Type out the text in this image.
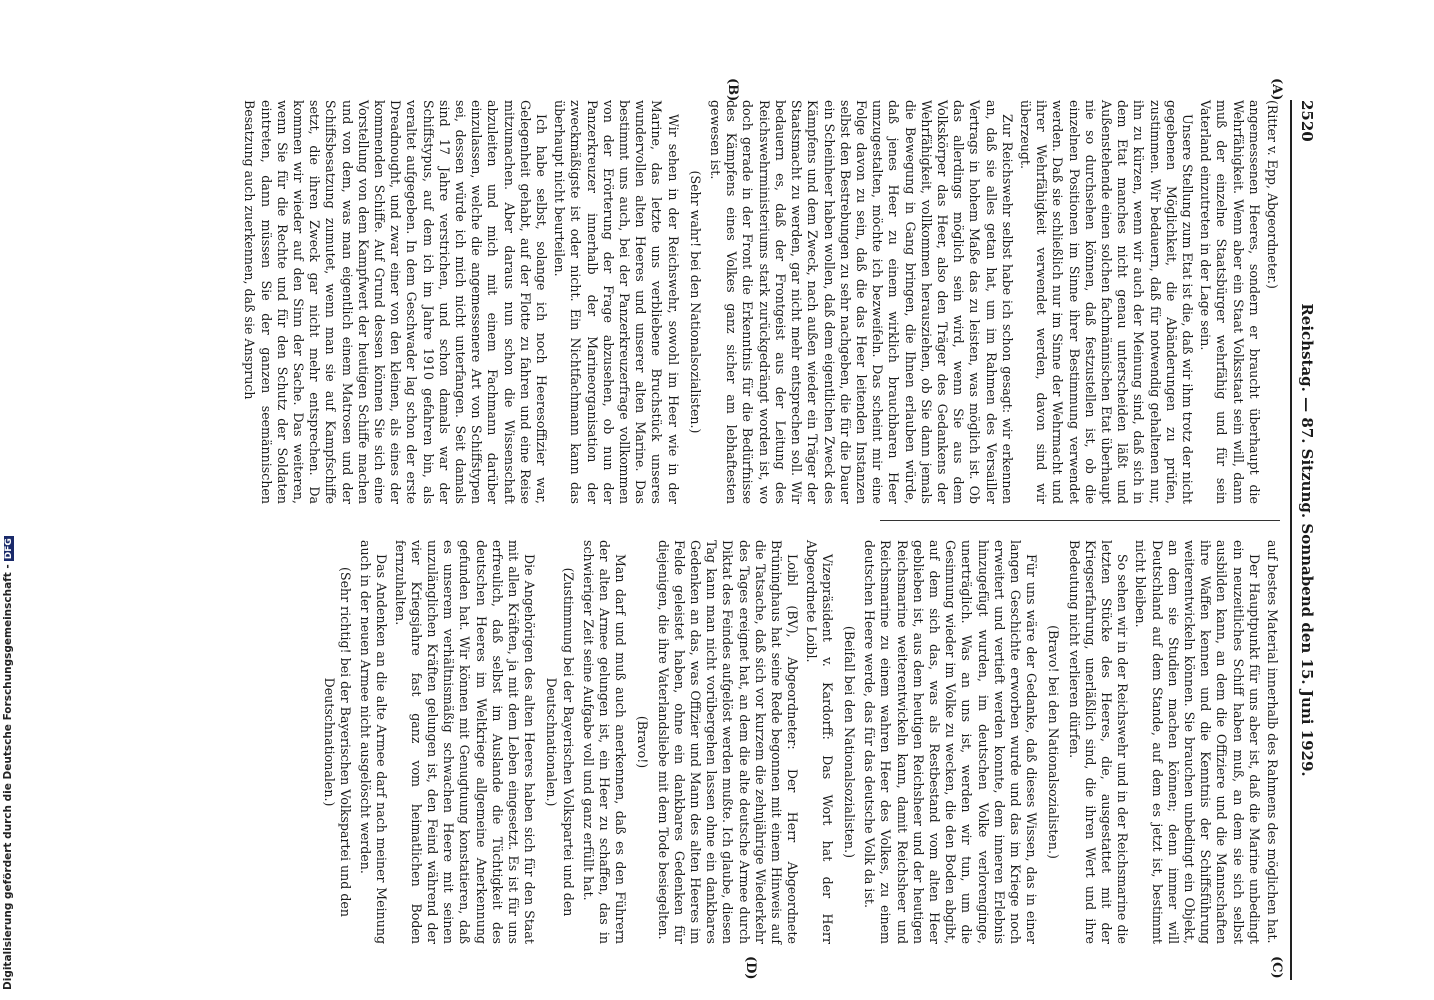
2520
Reichstag. — 87. Sitzung. Sonnabend den 15. Juni 1929.
(A)
(B)
(C)
(D)

(Ritter v. Epp, Abgeordneter.)

angemessenen Heeres, sondern er braucht überhaupt die Wehrfähigkeit. Wenn aber ein Staat Volksstaat sein will, dann muß der einzelne Staatsbürger wehrfähig und für sein Vaterland einzutreten in der Lage sein.

Unsere Stellung zum Etat ist die, daß wir ihm trotz der nicht gegebenen Möglichkeit, die Abänderungen zu prüfen, zustimmen. Wir bedauern, daß für notwendig gehaltenen nur, ihn zu kürzen, wenn wir auch der Meinung sind, daß sich in dem Etat manches nicht genau unterscheiden läßt und Außenstehende einen solchen fachmännischen Etat überhaupt nie so durchsehen können, daß festzustellen ist, ob die einzelnen Positionen im Sinne ihrer Bestimmung verwendet werden. Daß sie schließlich nur im Sinne der Wehrmacht und ihrer Wehrfähigkeit verwendet werden, davon sind wir überzeugt.

Zur Reichswehr selbst habe ich schon gesagt: wir erkennen an, daß sie alles getan hat, um im Rahmen des Versailler Vertrags in hohem Maße das zu leisten, was möglich ist. Ob das allerdings möglich sein wird, wenn Sie aus dem Volkskörper das Heer, also den Träger des Gedankens der Wehrfähigkeit, vollkommen herausziehen, ob Sie dann jemals die Bewegung in Gang bringen, die Ihnen erlauben würde, daß jenes Heer zu einem wirklich brauchbaren Heer umzugestalten, möchte ich bezweifeln. Das scheint mir eine Folge davon zu sein, daß die das Heer leitenden Instanzen selbst den Bestrebungen zu sehr nachgeben, die für die Dauer ein Scheinheer haben wollen, daß dem eigentlichen Zweck des Kämpfens und dem Zweck, nach außen wieder ein Träger der Staatsmacht zu werden, gar nicht mehr entsprechen soll. Wir bedauern es, daß der Frontgeist aus der Leitung des Reichswehrministeriums stark zurückgedrängt worden ist, wo doch gerade in der Front die Erkenntnis für die Bedürfnisse des Kämpfens eines Volkes ganz sicher am lebhaftesten gewesen ist.

(Sehr wahr! bei den Nationalsozialisten.)

Wir sehen in der Reichswehr, sowohl im Heer wie in der Marine, das letzte uns verbliebene Bruchstück unseres wundervollen alten Heeres und unserer alten Marine. Das bestimmt uns auch, bei der Panzerkreuzerfrage vollkommen von der Erörterung der Frage abzusehen, ob nun der Panzerkreuzer innerhalb der Marineorganisation der zweckmäßigste ist oder nicht. Ein Nichtfachmann kann das überhaupt nicht beurteilen.

Ich habe selbst, solange ich noch Heeresoffizier war, Gelegenheit gehabt, auf der Flotte zu fahren und eine Reise mitzumachen. Aber daraus nun schon die Wissenschaft abzuleiten und mich mit einem Fachmann darüber einzulassen, welche die angemessenere Art von Schiffstypen sei, dessen würde ich mich nicht unterfangen. Seit damals sind 17 Jahre verstrichen, und schon damals war der Schiffstypus, auf dem ich im Jahre 1910 gefahren bin, als veraltet aufgegeben. In dem Geschwader lag schon der erste Dreadnought, und zwar einer von den kleinen, als eines der kommenden Schiffe. Auf Grund dessen können Sie sich eine Vorstellung von dem Kampfwert der heutigen Schiffe machen und von dem, was man eigentlich einem Matrosen und der Schiffsbesatzung zumutet, wenn man sie auf Kampfschiffe setzt, die ihren Zweck gar nicht mehr entsprechen. Da kommen wir wieder auf den Sinn der Sache. Das weiteren, wenn Sie für die Rechte und für den Schutz der Soldaten eintreten, dann müssen Sie der ganzen seemännischen Besatzung auch zuerkennen, daß sie Anspruch

auf bestes Material innerhalb des Rahmens des möglichen hat.

Der Hauptpunkt für uns aber ist, daß die Marine unbedingt ein neuzeitliches Schiff haben muß, an dem sie sich selbst ausbilden kann, an dem die Offiziere und die Mannschaften ihre Waffen kennen und die Kenntnis der Schiffsführung weiterentwickeln können. Sie brauchen unbedingt ein Objekt, an dem sie Studien machen können; denn immer will Deutschland auf dem Stande, auf dem es jetzt ist, bestimmt nicht bleiben.

So sehen wir in der Reichswehr und in der Reichsmarine die letzten Stücke des Heeres, die, ausgestattet mit der Kriegserfahrung, unerläßlich sind, die ihren Wert und ihre Bedeutung nicht verlieren dürfen.

(Bravo! bei den Nationalsozialisten.)

Für uns wäre der Gedanke, daß dieses Wissen, das in einer langen Geschichte erworben wurde und das im Kriege noch erweitert und vertieft werden konnte, dem inneren Erlebnis hinzugefügt wurden, im deutschen Volke verlorenginge, unerträglich. Was an uns ist, werden wir tun, um die Gesinnung wieder im Volke zu wecken, die den Boden abgibt, auf dem sich das, was als Restbestand vom alten Heer geblieben ist, aus dem heutigen Reichsheer und der heutigen Reichsmarine weiterentwickeln kann, damit Reichsheer und Reichsmarine zu einem wahren Heer des Volkes, zu einem deutschen Heere werde, das für das deutsche Volk da ist.

(Beifall bei den Nationalsozialisten.)

Vizepräsident v. Kardorff: Das Wort hat der Herr Abgeordnete Loibl.

Loibl (BV), Abgeordneter: Der Herr Abgeordnete Brüninghaus hat seine Rede begonnen mit einem Hinweis auf die Tatsache, daß sich vor kurzem die zehnjährige Wiederkehr des Tages ereignet hat, an dem die alte deutsche Armee durch Diktat des Feindes aufgelöst werden mußte. Ich glaube, diesen Tag kann man nicht vorübergehen lassen ohne ein dankbares Gedenken an das, was Offizier und Mann des alten Heeres im Felde geleistet haben, ohne ein dankbares Gedenken für diejenigen, die ihre Vaterlandsliebe mit dem Tode besiegelten.

(Bravo!)

Man darf und muß auch anerkennen, daß es den Führern der alten Armee gelungen ist, ein Heer zu schaffen, das in schwieriger Zeit seine Aufgabe voll und ganz erfüllt hat.

(Zustimmung bei der Bayerischen Volkspartei und den Deutschnationalen.)

Die Angehörigen des alten Heeres haben sich für den Staat mit allen Kräften, ja mit dem Leben eingesetzt. Es ist für uns erfreulich, daß selbst im Auslande die Tüchtigkeit des deutschen Heeres im Weltkriege allgemeine Anerkennung gefunden hat. Wir können mit Genugtuung konstatieren, daß es unserem verhältnismäßig schwachen Heere mit seinen unzulänglichen Kräften gelungen ist, den Feind während der vier Kriegsjahre fast ganz vom heimatlichen Boden fernzuhalten.

Das Andenken an die alte Armee darf nach meiner Meinung auch in der neuen Armee nicht ausgelöscht werden.

(Sehr richtig! bei der Bayerischen Volkspartei und den Deutschnationalen.)

Digitalisierung gefördert durch die Deutsche Forschungsgemeinschaft -DFG
